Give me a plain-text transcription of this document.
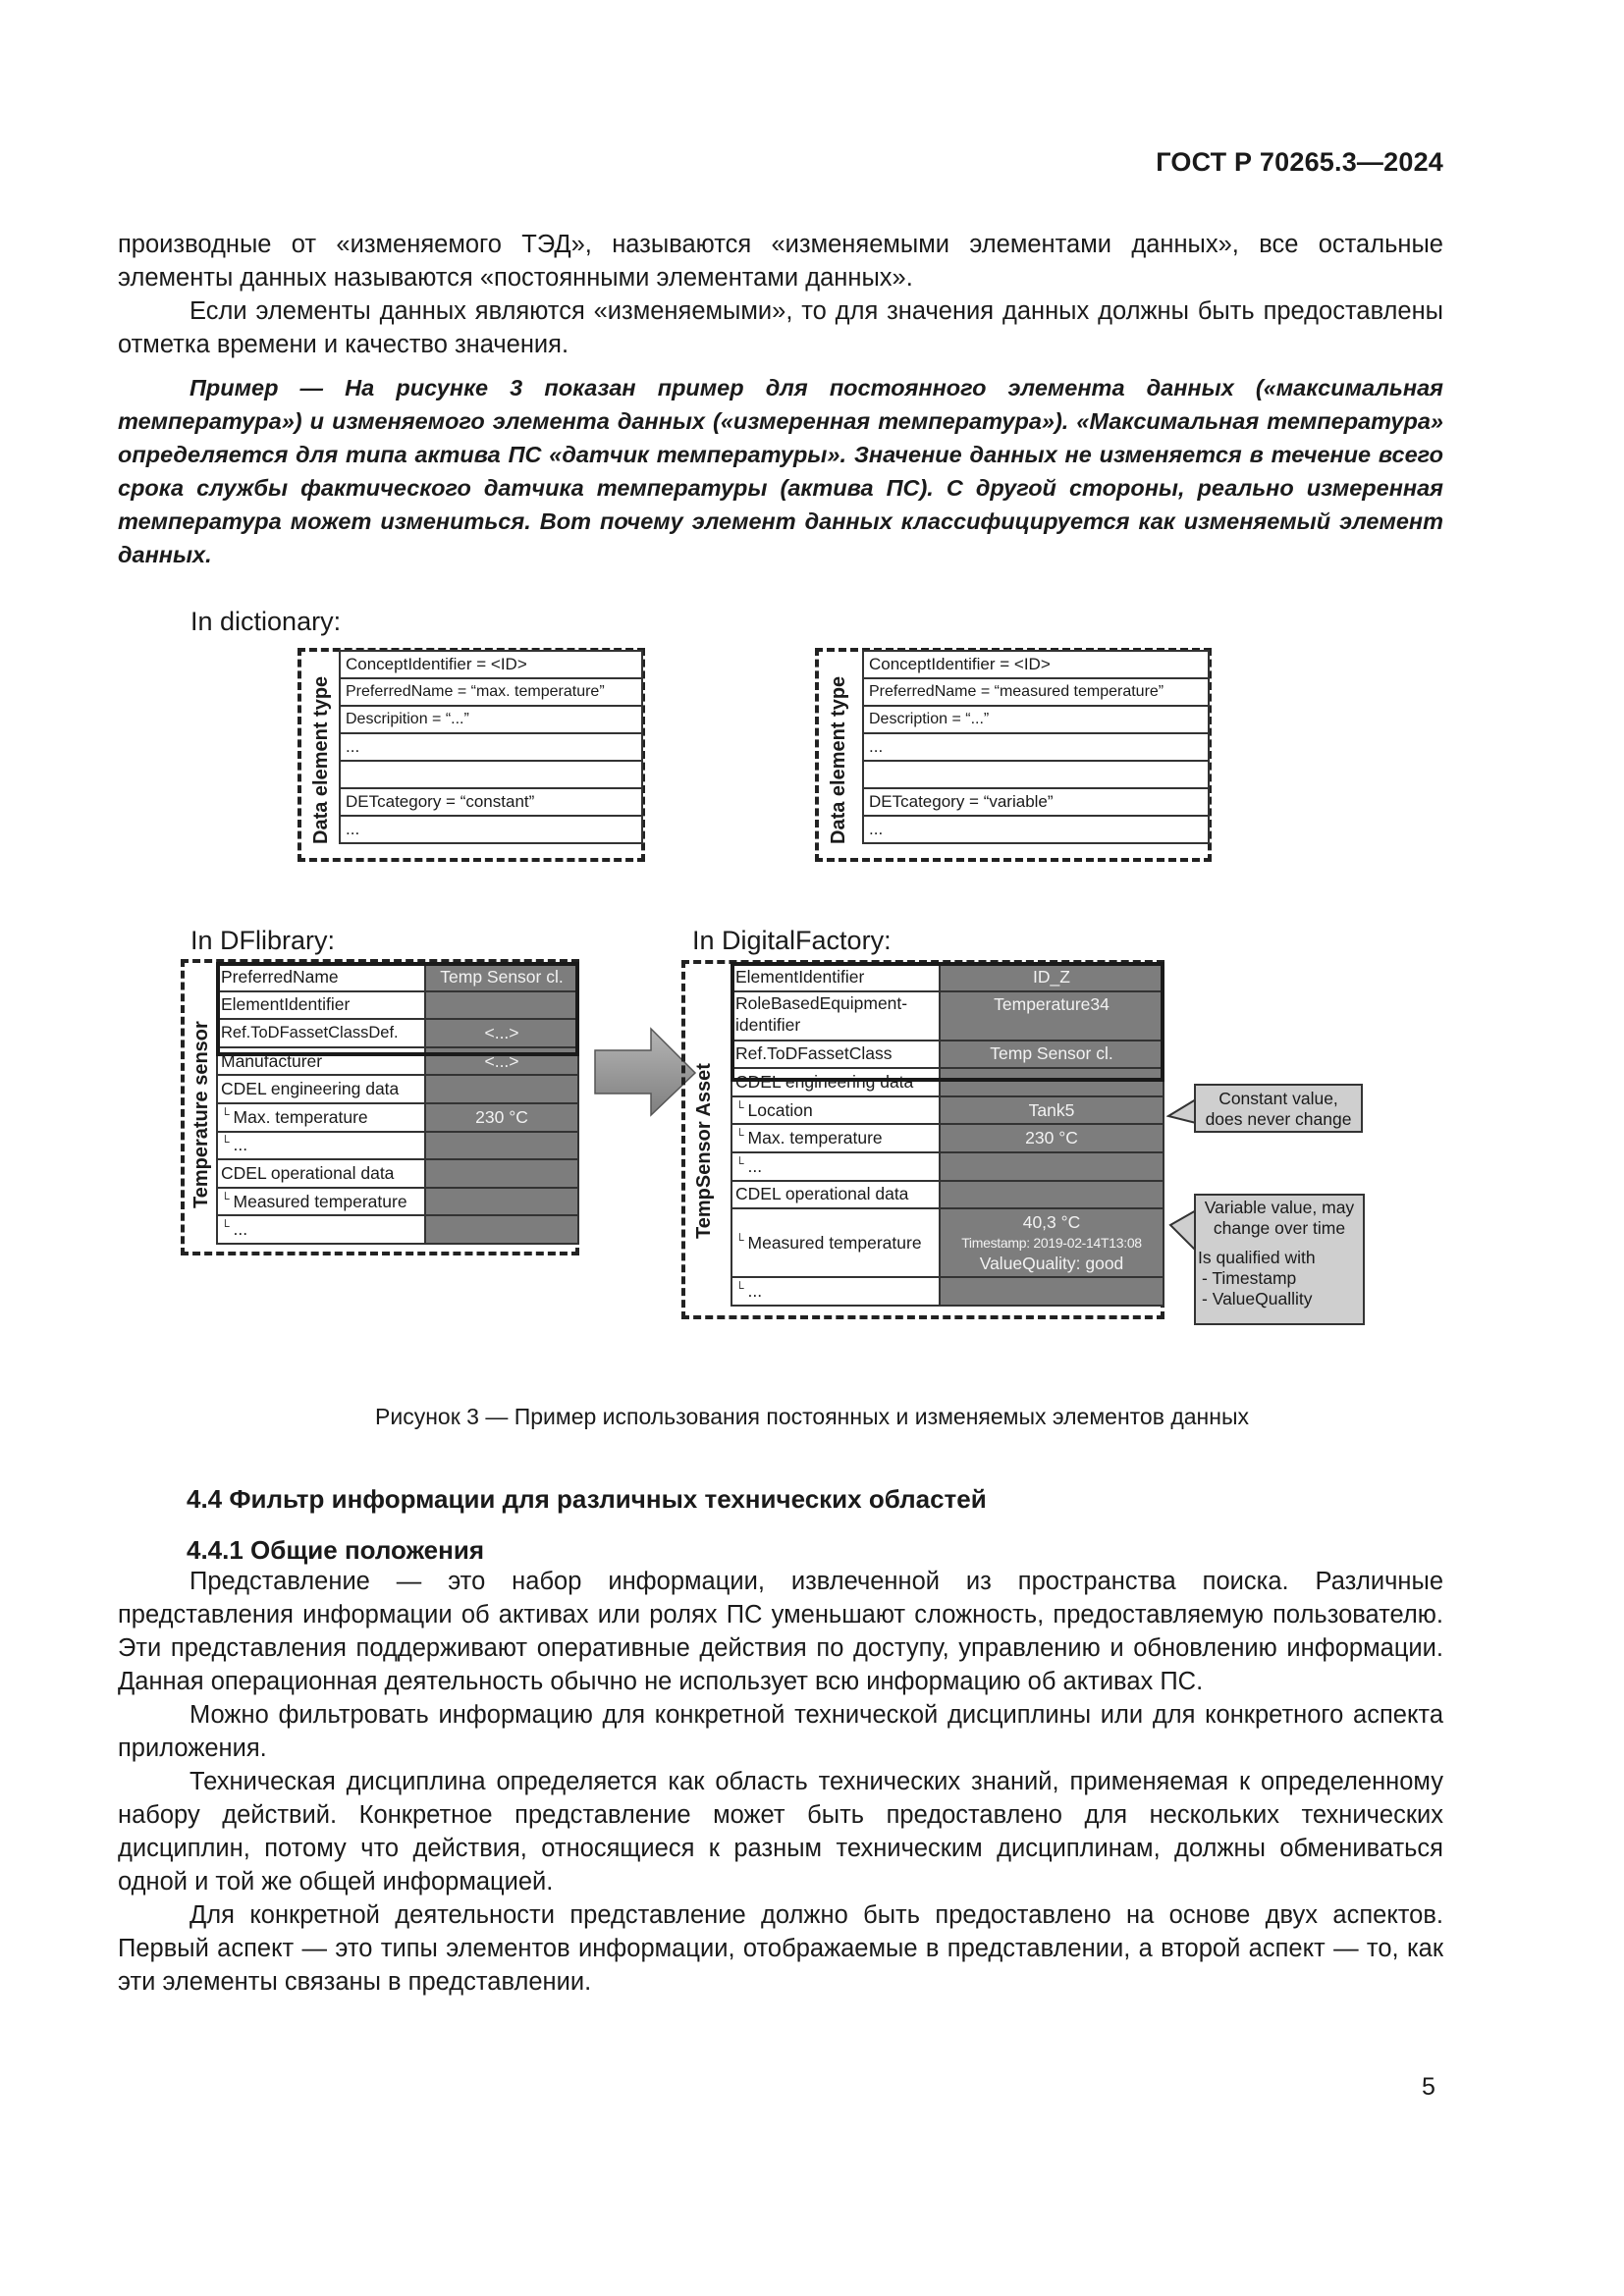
ГОСТ Р 70265.3—2024

производные от «изменяемого ТЭД», называются «изменяемыми элементами данных», все остальные элементы данных называются «постоянными элементами данных».

Если элементы данных являются «изменяемыми», то для значения данных должны быть предоставлены отметка времени и качество значения.

Пример — На рисунке 3 показан пример для постоянного элемента данных («максимальная температура») и изменяемого элемента данных («измеренная температура»). «Максимальная температура» определяется для типа актива ПС «датчик температуры». Значение данных не изменяется в течение всего срока службы фактического датчика температуры (актива ПС). С другой стороны, реально измеренная температура может измениться. Вот почему элемент данных классифицируется как изменяемый элемент данных.

In dictionary:
Data element type
ConceptIdentifier = <ID>
PreferredName = “max. temperature”
Descripition = “...”
...

DETcategory = “constant”
...	Data element type
ConceptIdentifier = <ID>
PreferredName = “measured temperature”
Description = “...”
...

DETcategory = “variable”
...
In DFlibrary:
Temperature sensor
PreferredName	Temp Sensor cl.
ElementIdentifier	
Ref.ToDFassetClassDef.	<...>
Manufacturer	<...>
CDEL engineering data	
└ Max. temperature	230 °C
└ ...	
CDEL operational data	
└ Measured temperature	
└ ...	
In DigitalFactory:
TempSensor Asset
ElementIdentifier	ID_Z

RoleBasedEquipment-
identifier	Temperature34
Ref.ToDFassetClass	Temp Sensor cl.
CDEL engineering data	
└ Location	Tank5
└ Max. temperature	230 °C
└ ...	
CDEL operational data	
└ Measured temperature	40,3 °C
Timestamp: 2019-02-14T13:08
ValueQuality: good

└ ...	
Constant value,
does never change
Variable value, may
change over time
Is qualified with
- Timestamp
- ValueQuallity
Рисунок 3 — Пример использования постоянных и изменяемых элементов данных
4.4 Фильтр информации для различных технических областей
4.4.1 Общие положения

Представление — это набор информации, извлеченной из пространства поиска. Различные представления информации об активах или ролях ПС уменьшают сложность, предоставляемую пользователю. Эти представления поддерживают оперативные действия по доступу, управлению и обновлению информации. Данная операционная деятельность обычно не использует всю информацию об активах ПС.

Можно фильтровать информацию для конкретной технической дисциплины или для конкретного аспекта приложения.

Техническая дисциплина определяется как область технических знаний, применяемая к определенному набору действий. Конкретное представление может быть предоставлено для нескольких технических дисциплин, потому что действия, относящиеся к разным техническим дисциплинам, должны обмениваться одной и той же общей информацией.

Для конкретной деятельности представление должно быть предоставлено на основе двух аспектов. Первый аспект — это типы элементов информации, отображаемые в представлении, а второй аспект — то, как эти элементы связаны в представлении.

5
